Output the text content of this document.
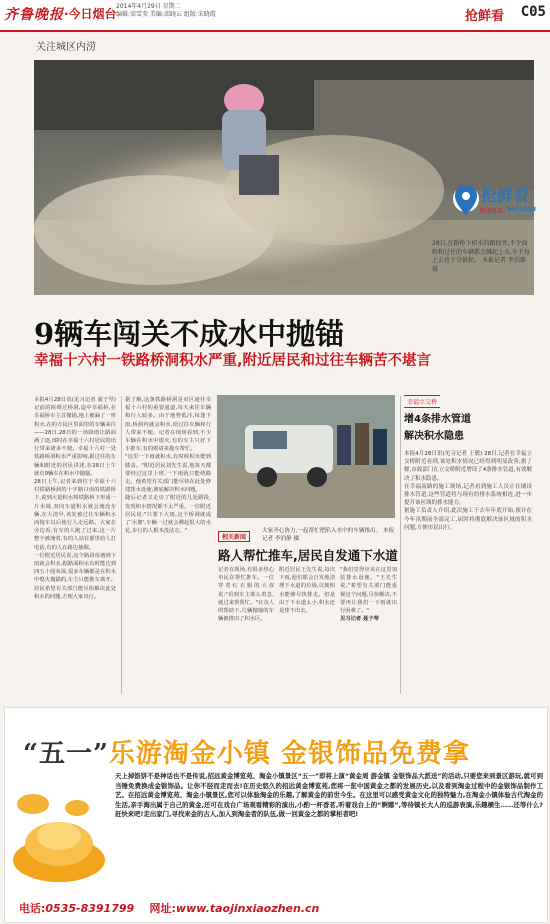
齐鲁晚报 ·今日烟台
2014年4月29日 星期二
编辑:梁雪莹 美编:邱晓云 组版:宋晓霞	抢鲜看 C05
关注城区内涝
抢鲜看
热线电话: 6610123
28日,在路桥下积水的路段旁,不少面粉和过往的车辆都会溅起上水,车主每上去也十分狼狈。 本报记者 李泊静 摄
9辆车闯关不成水中抛锚
幸福十六村一铁路桥洞积水严重,附近居民和过往车辆苦不堪言
本报4月28日讯(见习记者 聂子琴) 记前的阻碍过桥洞,造中幸福桥,在幸福桥车主首抛锚,地上被漏了一座积水,在的方民区里面里的车辆来往——28日,28日的一场降雨让路面满了逐,部时在幸福十六村居民的出行带来诸多不便。幸福十六村一处铁路桥洞积水严重影响,据过往的车辆和附近的居民讲述,在28日上午就有9辆车在积水中抛锚。
28日上午,记者来到位于幸福十六村铁路桥洞的十字路口南的铁路桥下,说到大量积水将铁路桥下形成一片水域,双向车道积水就会淹没车辆,在大清早,该处被过往车辆积水而拖车以后使行人走远路。大家在旁边看,有车的人跑了过来,这一片整个被淹着,有的人站在那里给人打电话,有的人在路边抽烟。
一位附近居民说,这个路段每遇到下雨就会积水,据路面积水有时能达到四五十厘米深,很多车辆都是在积水中熄火抛锚的,车主只能推车离开。居民希望有关部门能尽快解决此处积水的问题,方便大家出行。
据了解,这条铁路桥洞是市区通往幸福十六村的重要通道,每天来往车辆和行人较多。由于地势低洼,每逢下雨,桥洞内就会积水,给过往车辆和行人带来不便。记者在现场看到,不少车辆在积水中熄火,有的车主只好下车推车,有的则请来拖车帮忙。
"这里一下雨就积水,有时候积水能到膝盖。"附近居民刘先生说,他每天都要经过这里上班,一下雨就只能绕路走。他希望有关部门能尽快在此处修建排水设施,彻底解决积水问题。
随后记者又走访了附近的几处路段,发现积水情况都不太严重。一位附近居民说:"只要下大雨,这个桥洞就成了'水塘',车辆一过就会溅起很大的水花,步行的人根本没法走。"	大家齐心协力,一起帮忙把陷入水中的车辆推出。 本报记者 李泊静 摄
相关新闻
路人帮忙推车,居民自发通下水道
记者在现场,有很多热心市民在帮忙推车。一位穿着红衣服的大叔说:"看到车主那么着急,就过来帮帮忙。"在众人的帮助下,几辆抛锚的车辆被推出了积水区。
附近居民王先生说,每次下雨,他们都会自发地清理下水道的垃圾,以便积水能够尽快排走。但是由于下水道太小,积水还是排不出去。
"我们觉得应该在这里加装排水设施。"王先生说,"希望有关部门能重视这个问题,尽快解决,不要再让我们一下雨就出行困难了。"
见习记者 聂子琴
幸福立交桥
增4条排水管道
解决积水隐患
本报4月28日讯(见习记者 王敏) 28日,记者在幸福立交桥附近看到,该处积水情况已经得到明显改善,据了解,市政部门在立交桥附近增设了4条排水管道,有效解决了积水隐患。
在幸福南路的施工现场,记者看到施工人员正在铺设排水管道,这些管道将与现有的排水系统相连,进一步提升该区域的排水能力。
据施工负责人介绍,此次施工于去年年底开始,预计在今年汛期前全部完工,届时将彻底解决该区域的积水问题,方便市民出行。
“五一”乐游淘金小镇 金银饰品免费拿
天上掉馅饼不是神话也不是传说,招远黄金博览苑、淘金小镇景区“五一”即将上演“黄金周 游金镇 金银饰品大派送”的活动,只要您来到景区游玩,就可到当锤免费换成金银饰品。让你不胫而走而去!在历史悠久的招远黄金博览苑,您将一览中国黄金之都的发展历史,以及看到淘金过程中的金银饰品制作工艺。在招远黄金博览苑、淘金小镇景区,您可以体验淘金的乐趣,了解黄金的前世今生。在这里可以感受黄金文化的独特魅力,在淘金小镇体验古代淘金的生活,亲手淘出属于自己的黄金,还可在戏台广场观看精彩的演出,小酌一杯香茗,听着戏台上的“婀娜”,等待镇长大人的巡游表演,乐趣横生……还等什么?赶快来吧!走出家门,寻找来金的古人,加入到淘金者的队伍,做一回黄金之都的掌柜者吧!
电话:0535-8391799 网址:www.taojinxiaozhen.cn
